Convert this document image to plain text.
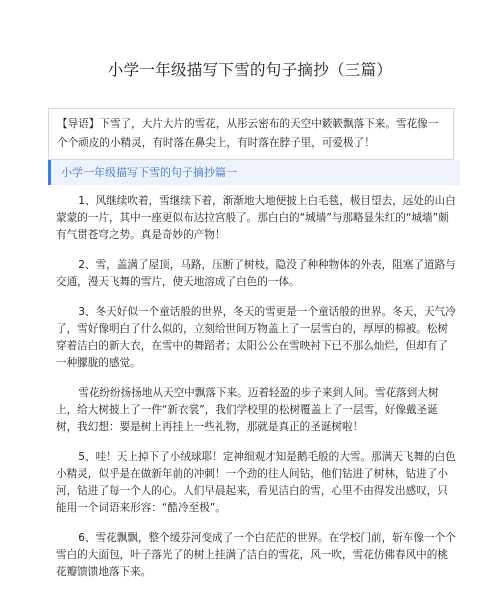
小学一年级描写下雪的句子摘抄（三篇）
【导语】下雪了，大片大片的雪花，从彤云密布的天空中簌簌飘落下来。雪花像一个个顽皮的小精灵，有时落在鼻尖上，有时落在脖子里，可爱极了！
小学一年级描写下雪的句子摘抄篇一

1、风继续吹着，雪继续下着，渐渐地大地便披上白毛毯，极目望去，远处的山白蒙蒙的一片，其中一座更似布达拉宫般了。那白白的“城墙”与那略显朱红的“城墙”颇有气贯苍穹之势。真是奇妙的产物！

2、雪，盖满了屋顶，马路，压断了树枝，隐没了种种物体的外表，阻塞了道路与交通，漫天飞舞的雪片，使天地溶成了白色的一体。

3、冬天好似一个童话般的世界，冬天的雪更是一个童话般的世界。冬天，天气冷了，雪好像明白了什么似的，立刻给世间万物盖上了一层雪白的，厚厚的棉被。松树穿着洁白的新大衣，在雪中的舞蹈者；太阳公公在雪映衬下已不那么灿烂，但却有了一种朦胧的感觉。

雪花纷纷扬扬地从天空中飘落下来。迈着轻盈的步子来到人间。雪花落到大树上，给大树披上了一件“新衣裳”，我们学校里的松树覆盖上了一层雪，好像戴圣诞树，我幻想：要是树上再挂上一些礼物，那就是真正的圣诞树啦！

5、哇！天上掉下了小绒球耶！定神细观才知是鹅毛般的大雪。那满天飞舞的白色小精灵，似乎是在做新年前的冲刺！一个劲的往人间钻，他们钻进了树林，钻进了小河，钻进了每一个人的心。人们早晨起来，看见洁白的雪，心里不由得发出感叹，只能用一个词语来形容：“酷冷至极”。

6、雪花飘飘，整个缓芬河变成了一个白茫茫的世界。在学校门前，斩车像一个个雪白的大面包，叶子落光了的树上挂满了洁白的雪花，风一吹，雪花仿佛春风中的桃花瓣馈馈地落下来。
